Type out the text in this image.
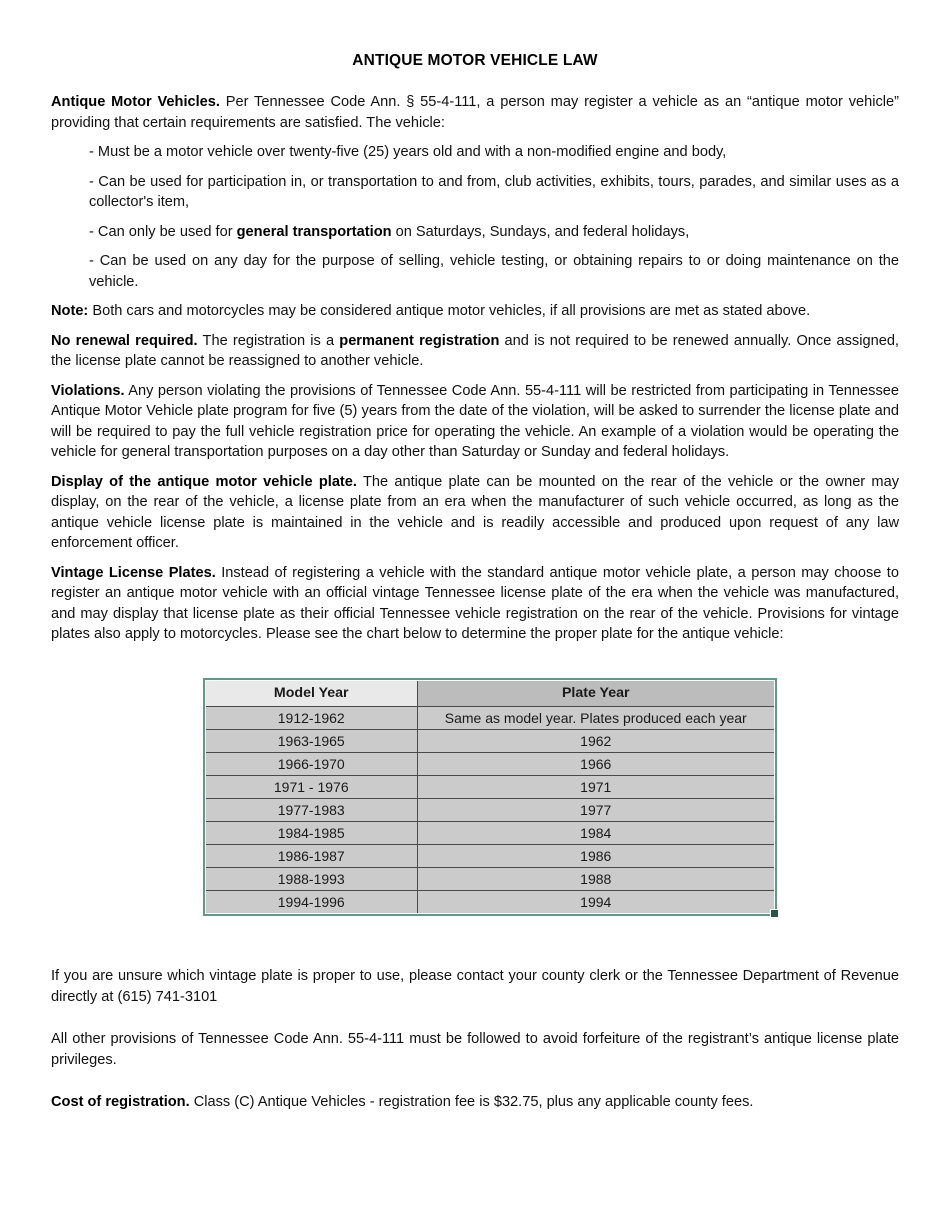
ANTIQUE MOTOR VEHICLE LAW

Antique Motor Vehicles. Per Tennessee Code Ann. § 55-4-111, a person may register a vehicle as an “antique motor vehicle” providing that certain requirements are satisfied. The vehicle:

- Must be a motor vehicle over twenty-five (25) years old and with a non-modified engine and body,
- Can be used for participation in, or transportation to and from, club activities, exhibits, tours, parades, and similar uses as a collector's item,
- Can only be used for general transportation on Saturdays, Sundays, and federal holidays,
- Can be used on any day for the purpose of selling, vehicle testing, or obtaining repairs to or doing maintenance on the vehicle.

Note: Both cars and motorcycles may be considered antique motor vehicles, if all provisions are met as stated above.

No renewal required. The registration is a permanent registration and is not required to be renewed annually. Once assigned, the license plate cannot be reassigned to another vehicle.

Violations. Any person violating the provisions of Tennessee Code Ann. 55-4-111 will be restricted from participating in Tennessee Antique Motor Vehicle plate program for five (5) years from the date of the violation, will be asked to surrender the license plate and will be required to pay the full vehicle registration price for operating the vehicle. An example of a violation would be operating the vehicle for general transportation purposes on a day other than Saturday or Sunday and federal holidays.

Display of the antique motor vehicle plate. The antique plate can be mounted on the rear of the vehicle or the owner may display, on the rear of the vehicle, a license plate from an era when the manufacturer of such vehicle occurred, as long as the antique vehicle license plate is maintained in the vehicle and is readily accessible and produced upon request of any law enforcement officer.

Vintage License Plates. Instead of registering a vehicle with the standard antique motor vehicle plate, a person may choose to register an antique motor vehicle with an official vintage Tennessee license plate of the era when the vehicle was manufactured, and may display that license plate as their official Tennessee vehicle registration on the rear of the vehicle. Provisions for vintage plates also apply to motorcycles. Please see the chart below to determine the proper plate for the antique vehicle:

Model Year	Plate Year
1912-1962	Same as model year. Plates produced each year
1963-1965	1962
1966-1970	1966
1971 - 1976	1971
1977-1983	1977
1984-1985	1984
1986-1987	1986
1988-1993	1988
1994-1996	1994

If you are unsure which vintage plate is proper to use, please contact your county clerk or the Tennessee Department of Revenue directly at (615) 741-3101

All other provisions of Tennessee Code Ann. 55-4-111 must be followed to avoid forfeiture of the registrant’s antique license plate privileges.

Cost of registration. Class (C) Antique Vehicles - registration fee is $32.75, plus any applicable county fees.
